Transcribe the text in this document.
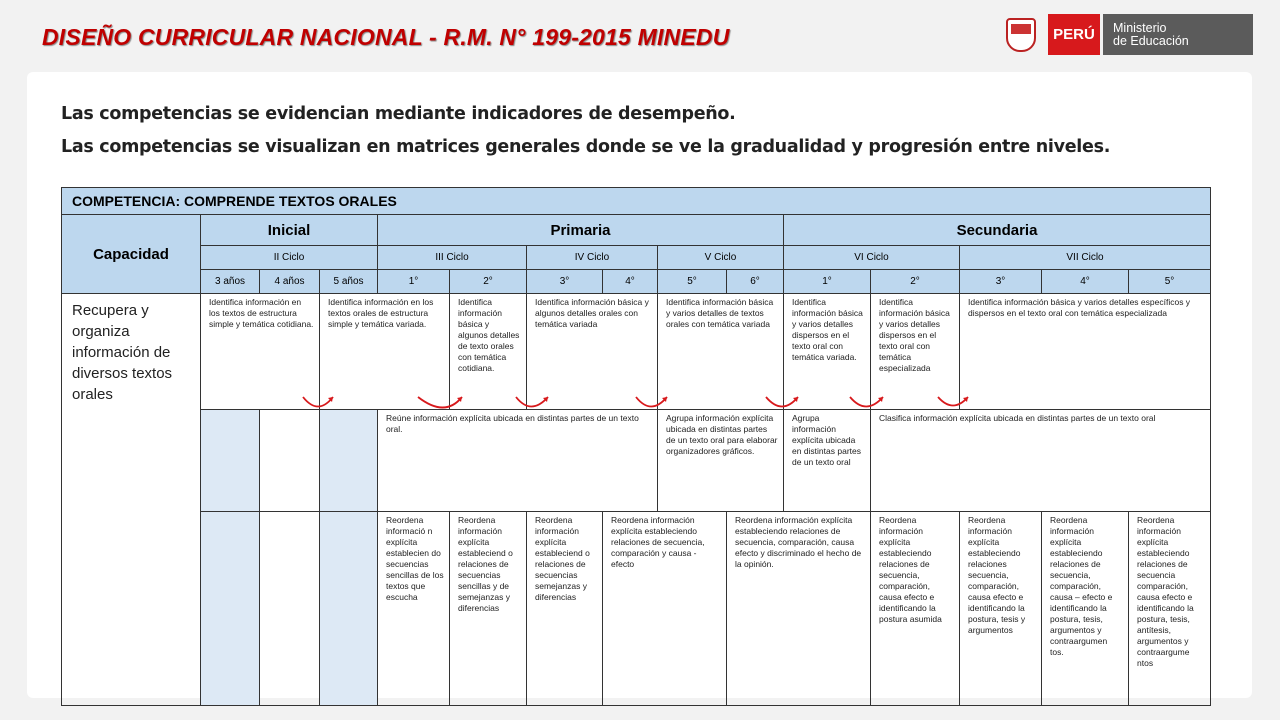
DISEÑO CURRICULAR NACIONAL - R.M. N° 199-2015 MINEDU	PERÚ	Ministerio
de Educación
Las competencias se evidencian mediante indicadores de desempeño.
Las competencias se visualizan en matrices generales donde se ve la gradualidad y progresión entre niveles.
COMPETENCIA: COMPRENDE TEXTOS ORALES														
Capacidad	Inicial			Primaria						Secundaria				
	II Ciclo			III Ciclo		IV Ciclo		V Ciclo		VI Ciclo		VII Ciclo		
	3 años	4 años	5 años	1°	2°	3°	4°	5°	6°	1°	2°	3°	4°	5°
Recupera y organiza información de diversos textos orales	Identifica información en los textos de estructura simple y temática cotidiana.		Identifica información en los textos orales de estructura simple y temática variada.		Identifica información básica y algunos detalles de texto orales con temática cotidiana.	Identifica información básica y algunos detalles orales con temática variada		Identifica información básica y varios detalles de textos orales con temática variada		Identifica información básica y varios detalles dispersos en el texto oral con temática variada.	Identifica información básica y varios detalles dispersos en el texto oral con temática especializada	Identifica información básica y varios detalles específicos y dispersos en el texto oral con temática especializada		
				Reúne información explícita ubicada en distintas partes de un texto oral.				Agrupa información explícita ubicada en distintas partes de un texto oral para elaborar organizadores gráficos.		Agrupa información explícita ubicada en distintas partes de un texto oral	Clasifica información explícita ubicada en distintas partes de un texto oral			
				Reordena informació n explícita establecien do secuencias sencillas de los textos que escucha	Reordena información explícita estableciend o relaciones de secuencias sencillas y de semejanzas y diferencias	Reordena información explícita estableciend o relaciones de secuencias semejanzas y diferencias	Reordena información explícita estableciendo relaciones de secuencia, comparación y causa - efecto		Reordena información explícita estableciendo relaciones de secuencia, comparación, causa efecto y discriminado el hecho de la opinión.		Reordena información explícita estableciendo relaciones de secuencia, comparación, causa efecto e identificando la postura asumida	Reordena información explícita estableciendo relaciones secuencia, comparación, causa efecto e identificando la postura, tesis y argumentos	Reordena información explícita estableciendo relaciones de secuencia, comparación, causa – efecto e identificando la postura, tesis, argumentos y contraargumen tos.	Reordena información explícita estableciendo relaciones de secuencia comparación, causa efecto e identificando la postura, tesis, antítesis, argumentos y contraargume ntos
